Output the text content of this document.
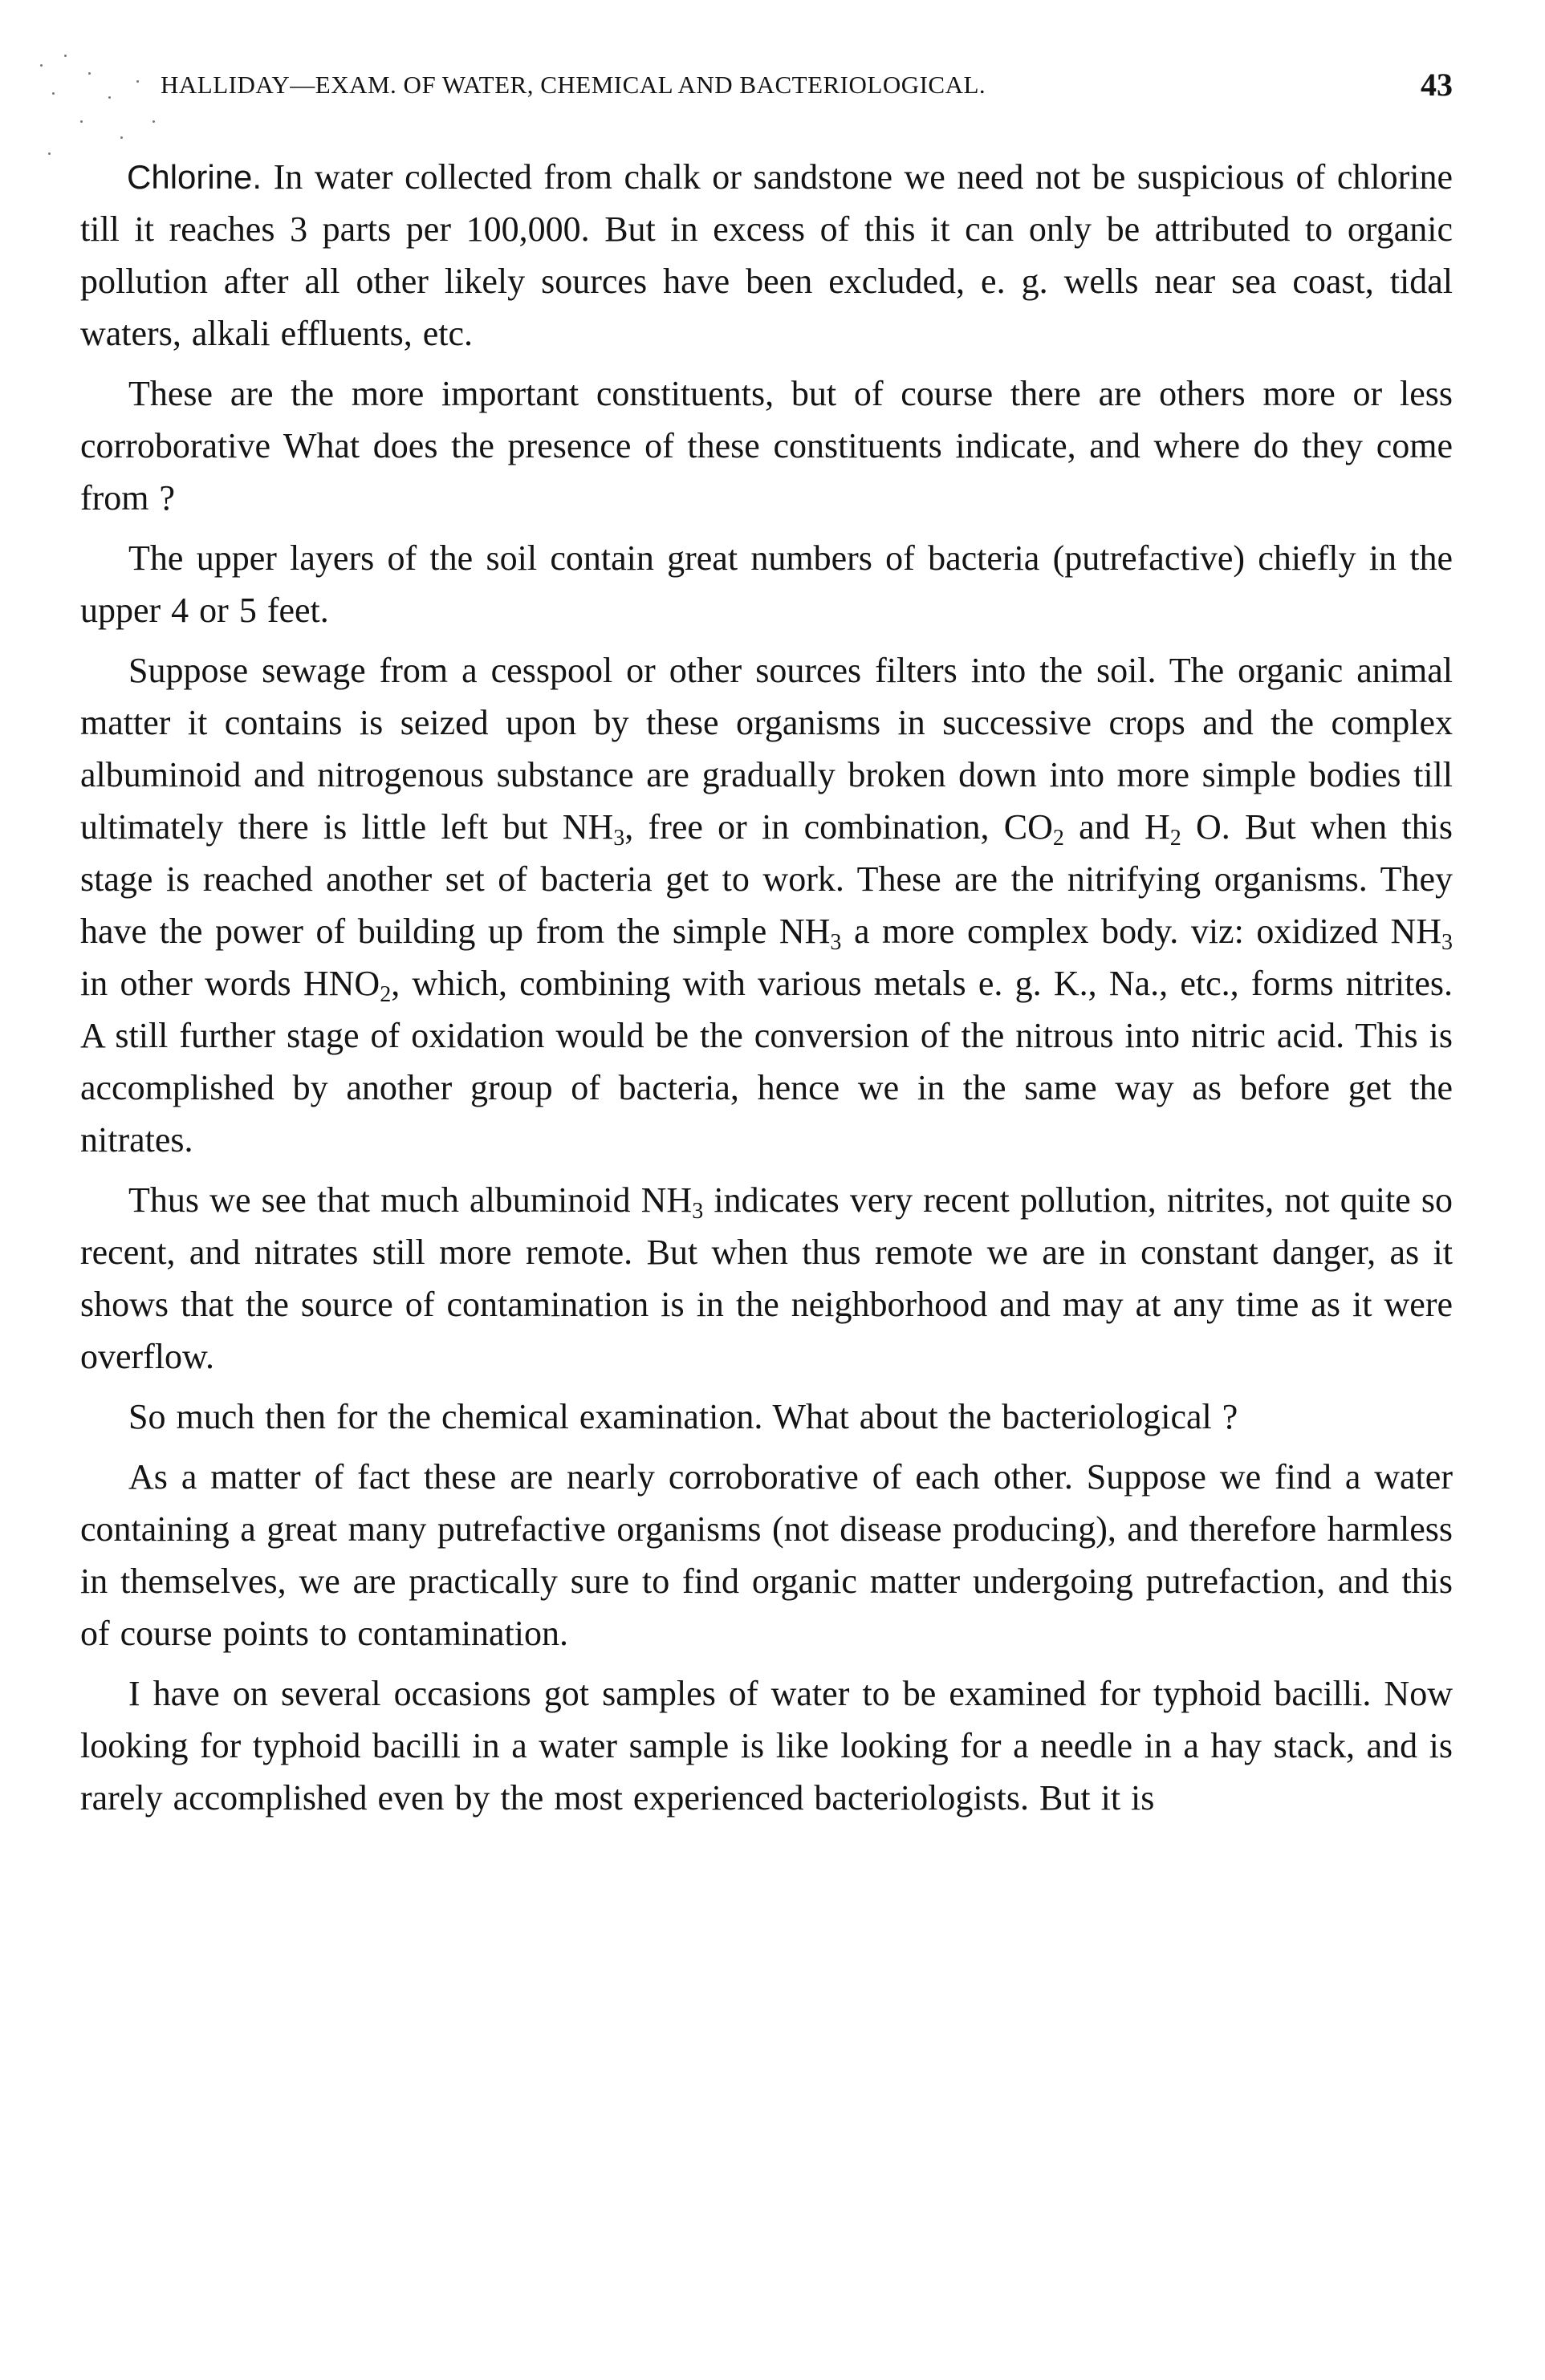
HALLIDAY—EXAM. OF WATER, CHEMICAL AND BACTERIOLOGICAL.	43

Chlorine. In water collected from chalk or sandstone we need not be suspicious of chlorine till it reaches 3 parts per 100,000. But in excess of this it can only be attributed to organic pollution after all other likely sources have been excluded, e. g. wells near sea coast, tidal waters, alkali effluents, etc.

These are the more important constituents, but of course there are others more or less corroborative What does the presence of these constituents indicate, and where do they come from ?

The upper layers of the soil contain great numbers of bacteria (putrefactive) chiefly in the upper 4 or 5 feet.

Suppose sewage from a cesspool or other sources filters into the soil. The organic animal matter it contains is seized upon by these organisms in successive crops and the complex albuminoid and nitrogenous substance are gradually broken down into more simple bodies till ultimately there is little left but $NH_3$, free or in combination, $CO_2$ and $H_2$ O. But when this stage is reached another set of bacteria get to work. These are the nitrifying organisms. They have the power of building up from the simple $NH_3$ a more complex body. viz: oxidized $NH_3$ in other words $HNO_2$, which, combining with various metals e. g. K., Na., etc., forms nitrites. A still further stage of oxidation would be the conversion of the nitrous into nitric acid. This is accomplished by another group of bacteria, hence we in the same way as before get the nitrates.

Thus we see that much albuminoid $NH_3$ indicates very recent pollution, nitrites, not quite so recent, and nitrates still more remote. But when thus remote we are in constant danger, as it shows that the source of contamination is in the neighborhood and may at any time as it were overflow.

So much then for the chemical examination. What about the bacteriological ?

As a matter of fact these are nearly corroborative of each other. Suppose we find a water containing a great many putrefactive organisms (not disease producing), and therefore harmless in themselves, we are practically sure to find organic matter undergoing putrefaction, and this of course points to contamination.

I have on several occasions got samples of water to be examined for typhoid bacilli. Now looking for typhoid bacilli in a water sample is like looking for a needle in a hay stack, and is rarely accomplished even by the most experienced bacteriologists. But it is
